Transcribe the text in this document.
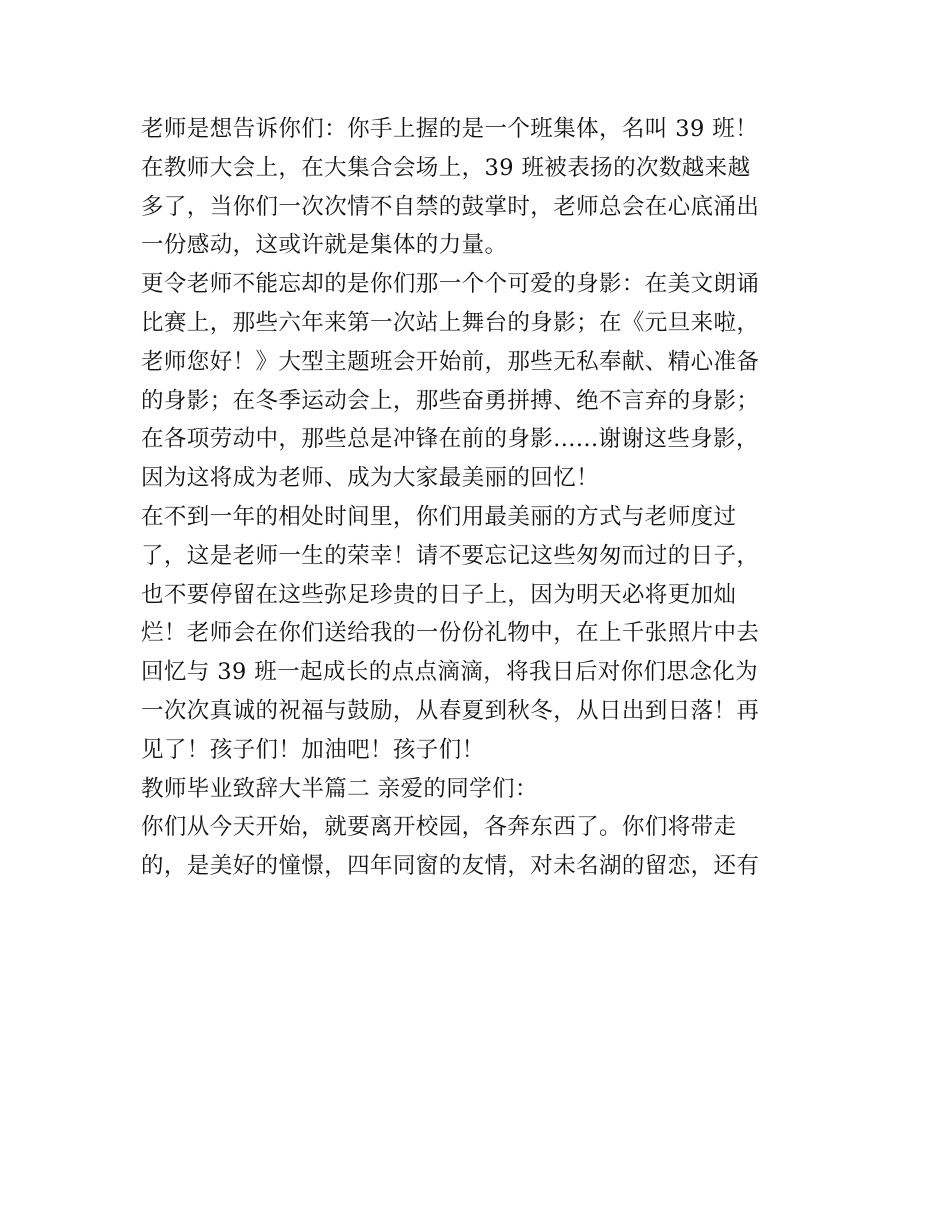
老师是想告诉你们：你手上握的是一个班集体，名叫 39 班！
在教师大会上，在大集合会场上，39 班被表扬的次数越来越
多了，当你们一次次情不自禁的鼓掌时，老师总会在心底涌出
一份感动，这或许就是集体的力量。
更令老师不能忘却的是你们那一个个可爱的身影：在美文朗诵
比赛上，那些六年来第一次站上舞台的身影；在《元旦来啦，
老师您好！》大型主题班会开始前，那些无私奉献、精心准备
的身影；在冬季运动会上，那些奋勇拼搏、绝不言弃的身影；
在各项劳动中，那些总是冲锋在前的身影......谢谢这些身影，
因为这将成为老师、成为大家最美丽的回忆！
在不到一年的相处时间里，你们用最美丽的方式与老师度过
了，这是老师一生的荣幸！请不要忘记这些匆匆而过的日子，
也不要停留在这些弥足珍贵的日子上，因为明天必将更加灿
烂！老师会在你们送给我的一份份礼物中，在上千张照片中去
回忆与 39 班一起成长的点点滴滴，将我日后对你们思念化为
一次次真诚的祝福与鼓励，从春夏到秋冬，从日出到日落！再
见了！孩子们！加油吧！孩子们！
教师毕业致辞大半篇二 亲爱的同学们：
你们从今天开始，就要离开校园，各奔东西了。你们将带走
的，是美好的憧憬，四年同窗的友情，对未名湖的留恋，还有
